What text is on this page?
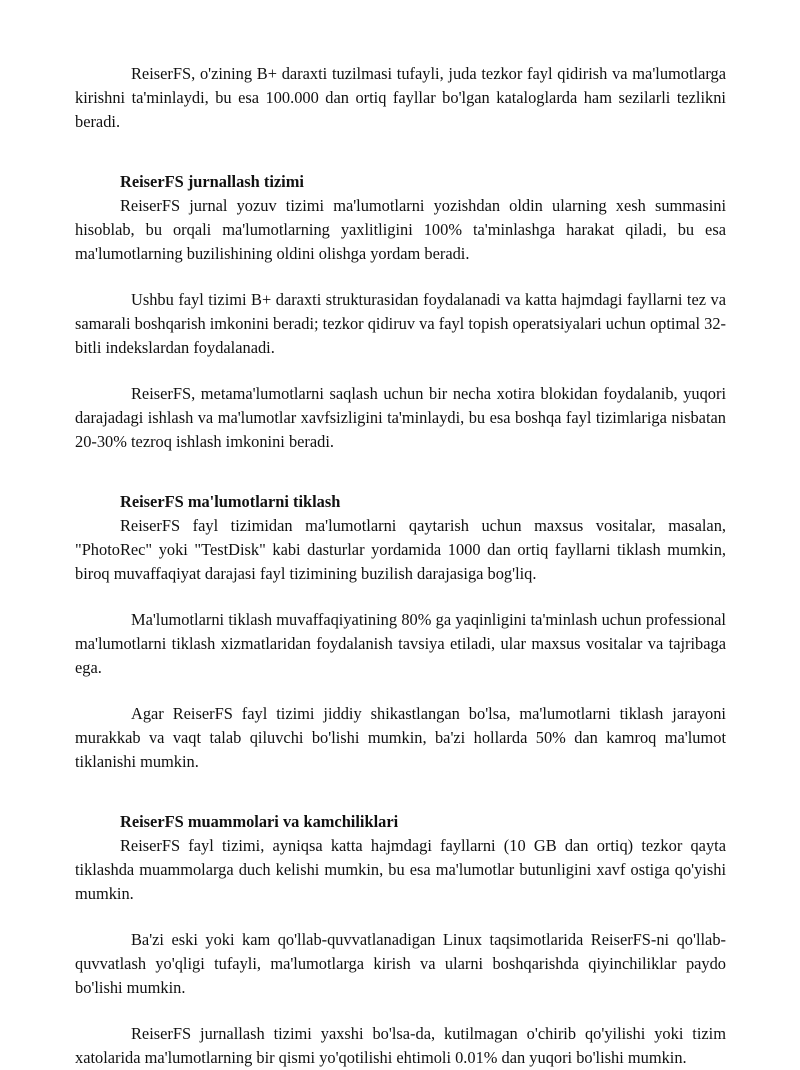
ReiserFS, o'zining B+ daraxti tuzilmasi tufayli, juda tezkor fayl qidirish va ma'lumotlarga kirishni ta'minlaydi, bu esa 100.000 dan ortiq fayllar bo'lgan kataloglarda ham sezilarli tezlikni beradi.

ReiserFS jurnallash tizimi

ReiserFS jurnal yozuv tizimi ma'lumotlarni yozishdan oldin ularning xesh summasini hisoblab, bu orqali ma'lumotlarning yaxlitligini 100% ta'minlashga harakat qiladi, bu esa ma'lumotlarning buzilishining oldini olishga yordam beradi.

Ushbu fayl tizimi B+ daraxti strukturasidan foydalanadi va katta hajmdagi fayllarni tez va samarali boshqarish imkonini beradi; tezkor qidiruv va fayl topish operatsiyalari uchun optimal 32-bitli indekslardan foydalanadi.

ReiserFS, metama'lumotlarni saqlash uchun bir necha xotira blokidan foydalanib, yuqori darajadagi ishlash va ma'lumotlar xavfsizligini ta'minlaydi, bu esa boshqa fayl tizimlariga nisbatan 20-30% tezroq ishlash imkonini beradi.

ReiserFS ma'lumotlarni tiklash

ReiserFS fayl tizimidan ma'lumotlarni qaytarish uchun maxsus vositalar, masalan, "PhotoRec" yoki "TestDisk" kabi dasturlar yordamida 1000 dan ortiq fayllarni tiklash mumkin, biroq muvaffaqiyat darajasi fayl tizimining buzilish darajasiga bog'liq.

Ma'lumotlarni tiklash muvaffaqiyatining 80% ga yaqinligini ta'minlash uchun professional ma'lumotlarni tiklash xizmatlaridan foydalanish tavsiya etiladi, ular maxsus vositalar va tajribaga ega.

Agar ReiserFS fayl tizimi jiddiy shikastlangan bo'lsa, ma'lumotlarni tiklash jarayoni murakkab va vaqt talab qiluvchi bo'lishi mumkin, ba'zi hollarda 50% dan kamroq ma'lumot tiklanishi mumkin.

ReiserFS muammolari va kamchiliklari

ReiserFS fayl tizimi, ayniqsa katta hajmdagi fayllarni (10 GB dan ortiq) tezkor qayta tiklashda muammolarga duch kelishi mumkin, bu esa ma'lumotlar butunligini xavf ostiga qo'yishi mumkin.

Ba'zi eski yoki kam qo'llab-quvvatlanadigan Linux taqsimotlarida ReiserFS-ni qo'llab-quvvatlash yo'qligi tufayli, ma'lumotlarga kirish va ularni boshqarishda qiyinchiliklar paydo bo'lishi mumkin.

ReiserFS jurnallash tizimi yaxshi bo'lsa-da, kutilmagan o'chirib qo'yilishi yoki tizim xatolarida ma'lumotlarning bir qismi yo'qotilishi ehtimoli 0.01% dan yuqori bo'lishi mumkin.
